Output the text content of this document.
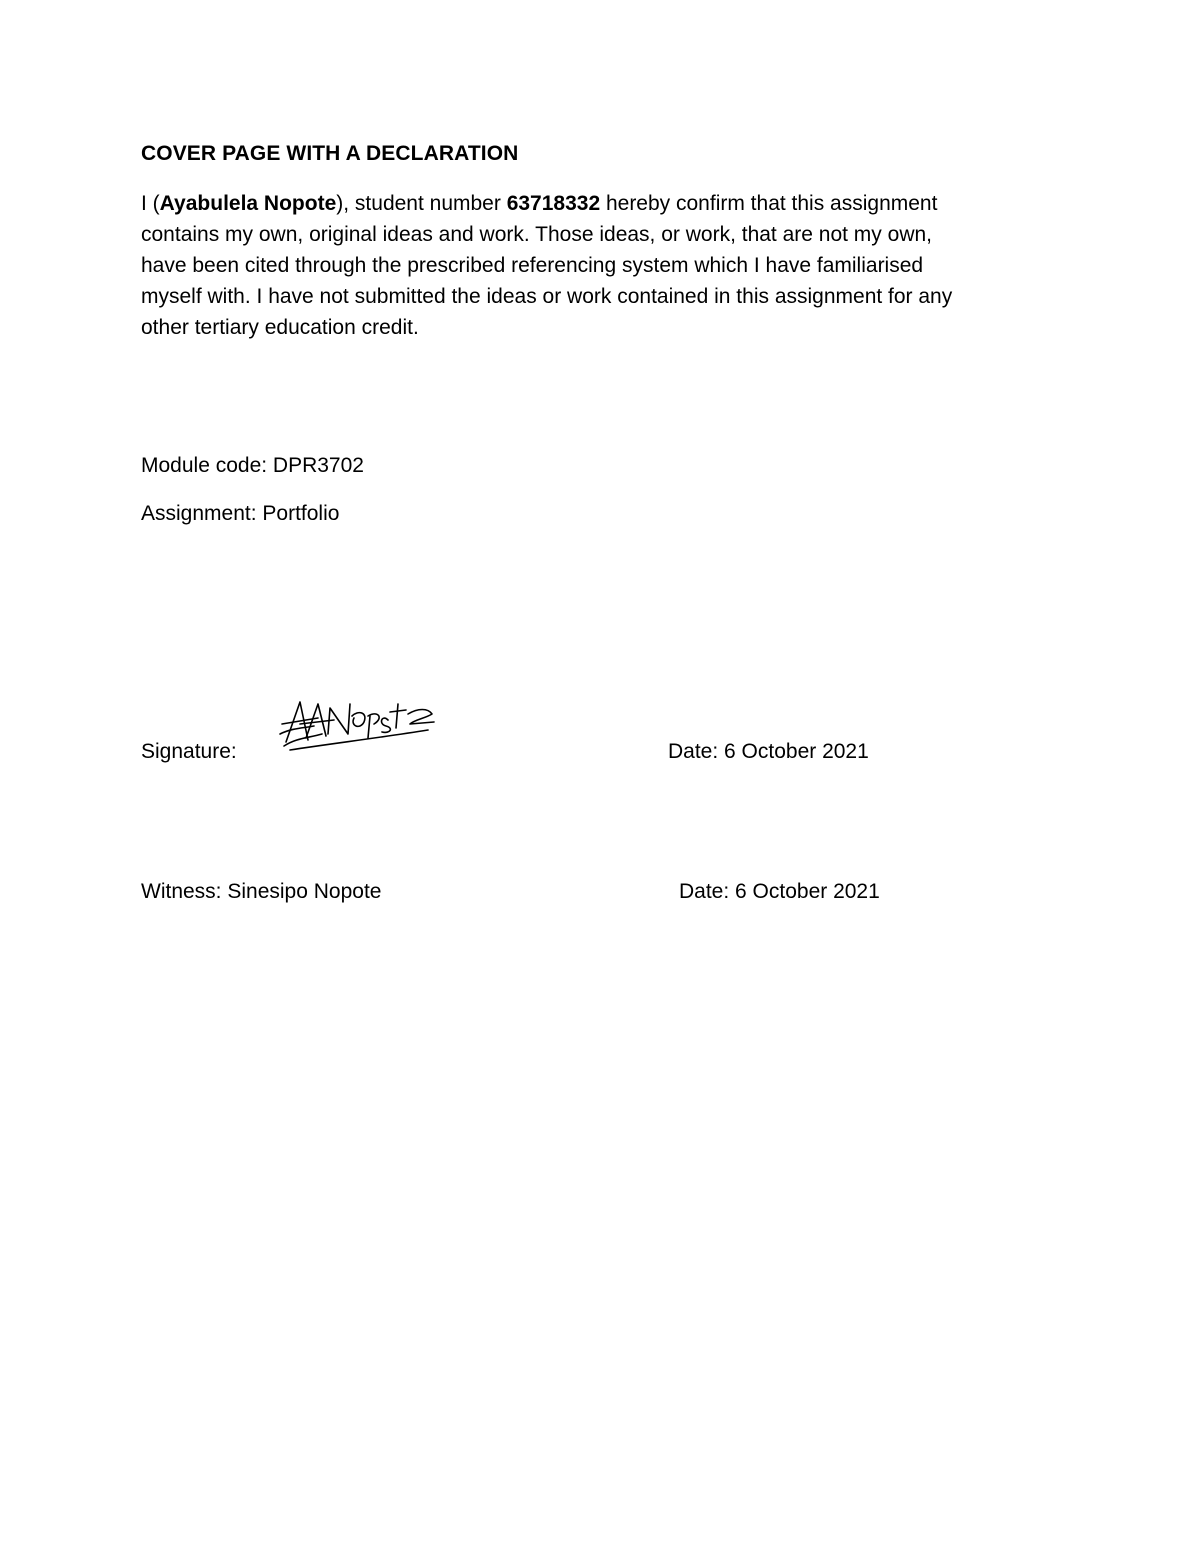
COVER PAGE WITH A DECLARATION

I (Ayabulela Nopote), student number 63718332 hereby confirm that this assignment
contains my own, original ideas and work. Those ideas, or work, that are not my own,
have been cited through the prescribed referencing system which I have familiarised
myself with. I have not submitted the ideas or work contained in this assignment for any
other tertiary education credit.

Module code: DPR3702
Assignment: Portfolio
Signature:	Date: 6 October 2021
Witness: Sinesipo Nopote	Date: 6 October 2021
